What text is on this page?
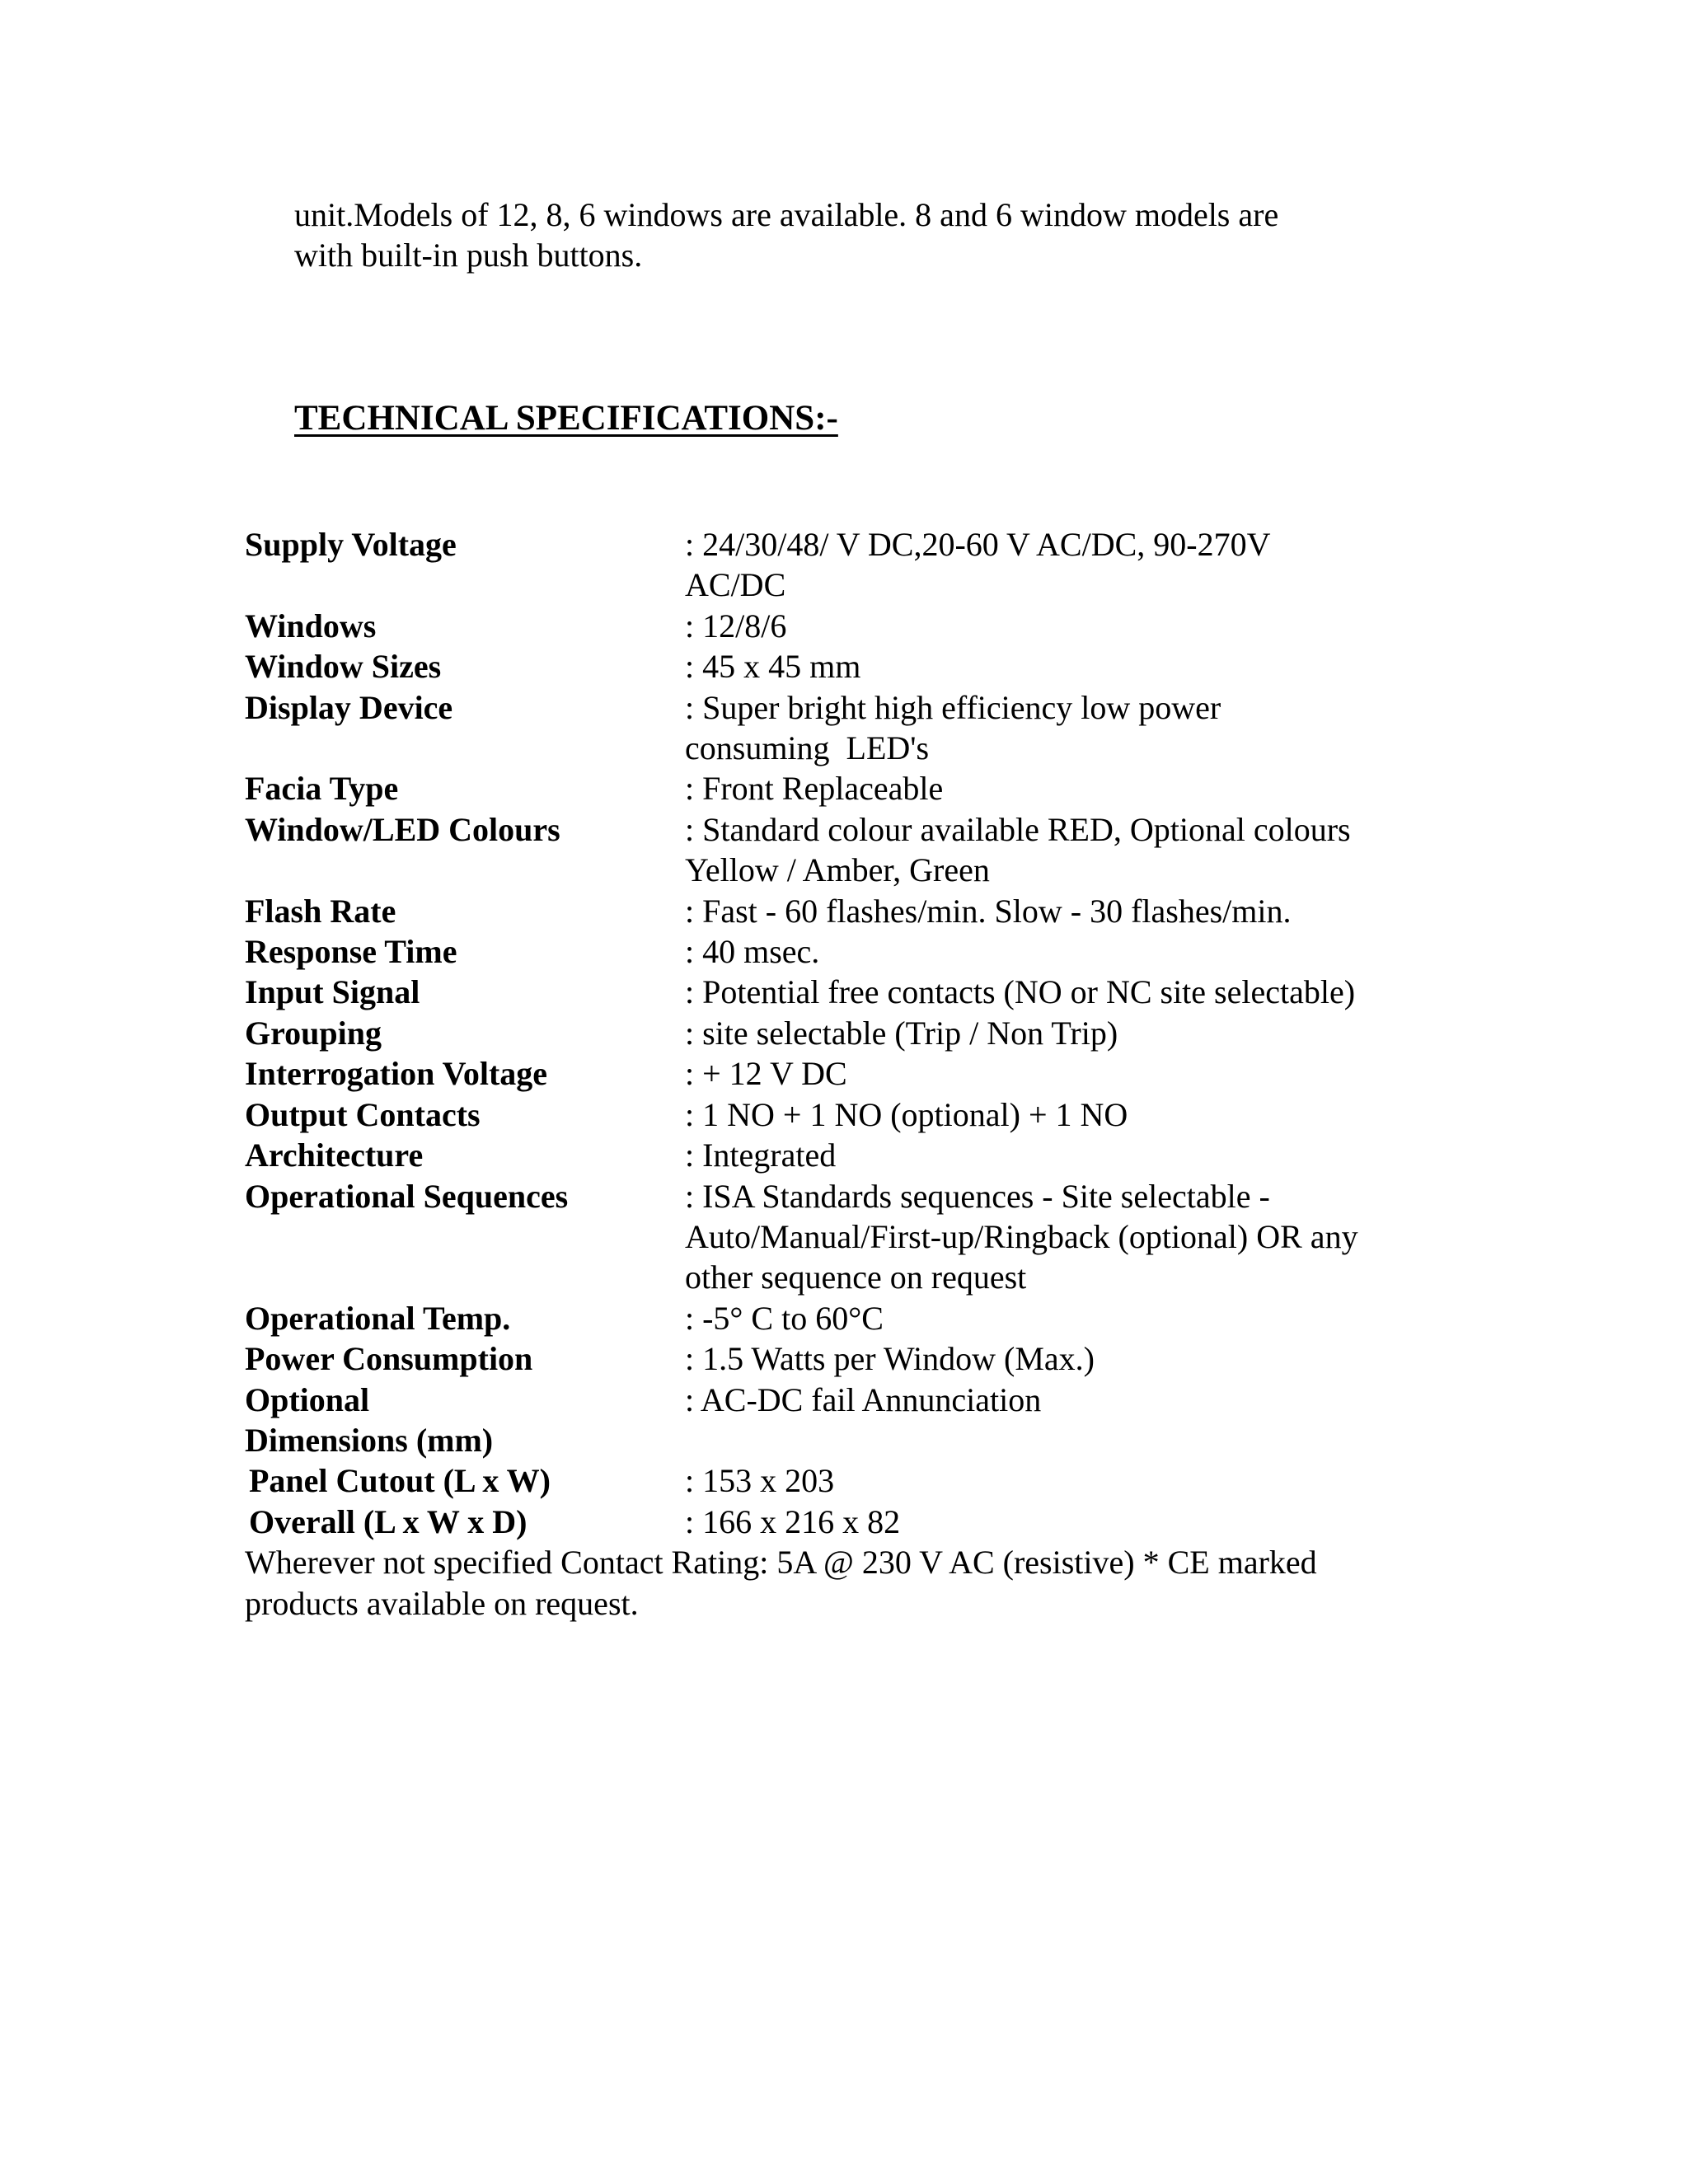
unit.Models of 12, 8, 6 windows are available. 8 and 6 window models are
with built-in push buttons.
TECHNICAL SPECIFICATIONS:-
Supply Voltage	: 24/30/48/ V DC,20-60 V AC/DC, 90-270V
AC/DC
Windows	: 12/8/6
Window Sizes	: 45 x 45 mm
Display Device	: Super bright high efficiency low power
consuming  LED's
Facia Type	: Front Replaceable
Window/LED Colours	: Standard colour available RED, Optional colours
Yellow / Amber, Green
Flash Rate	: Fast - 60 flashes/min. Slow - 30 flashes/min.
Response Time	: 40 msec.
Input Signal	: Potential free contacts (NO or NC site selectable)
Grouping	: site selectable (Trip / Non Trip)
Interrogation Voltage	: + 12 V DC
Output Contacts	: 1 NO + 1 NO (optional) + 1 NO
Architecture	: Integrated
Operational Sequences	: ISA Standards sequences - Site selectable -
Auto/Manual/First-up/Ringback (optional) OR any
other sequence on request
Operational Temp.	: -5° C to 60°C
Power Consumption	: 1.5 Watts per Window (Max.)
Optional	: AC-DC fail Annunciation
Dimensions (mm)

Panel Cutout (L x W)	: 153 x 203
Overall (L x W x D)	: 166 x 216 x 82
Wherever not specified Contact Rating: 5A @ 230 V AC (resistive) * CE marked
products available on request.
